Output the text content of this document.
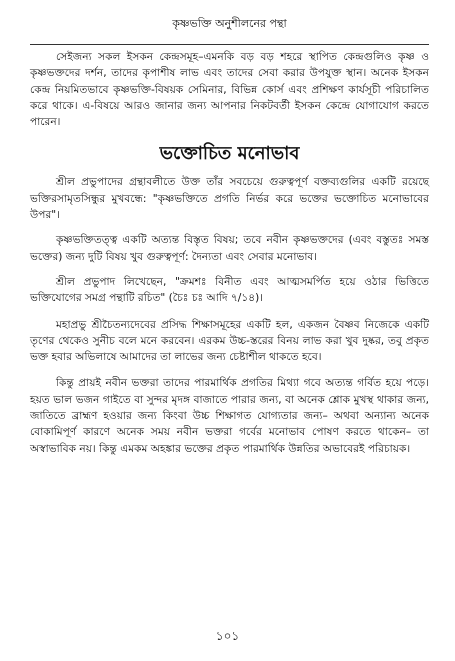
কৃষ্ণভক্তি অনুশীলনের পন্থা

সেইজন্য সকল ইসকন কেন্দ্রসমূহ–এমনকি বড় বড় শহরে স্থাপিত কেন্দ্রগুলিও কৃষ্ণ ও কৃষ্ণভক্তদের দর্শন, তাদের কৃপাশীষ লাভ এবং তাদের সেবা করার উপযুক্ত স্থান। অনেক ইসকন কেন্দ্র নিয়মিতভাবে কৃষ্ণভক্তি-বিষয়ক সেমিনার, বিভিন্ন কোর্স এবং প্রশিক্ষণ কার্যসূচী পরিচালিত করে থাকে। এ-বিষয়ে আরও জানার জন্য আপনার নিকটবর্তী ইসকন কেন্দ্রে যোগাযোগ করতে পারেন।

ভক্তোচিত মনোভাব

শ্রীল প্রভুপাদের গ্রন্থাবলীতে উক্ত তাঁর সবচেয়ে গুরুত্বপূর্ণ বক্তব্যগুলির একটি রয়েছে ভক্তিরসামৃতসিন্ধুর মুখবন্ধে: "কৃষ্ণভক্তিতে প্রগতি নির্ভর করে ভক্তের ভক্তোচিত মনোভাবের উপর"।

কৃষ্ণভক্তিতত্ত্ব একটি অত্যন্ত বিস্তৃত বিষয়; তবে নবীন কৃষ্ণভক্তদের (এবং বস্তুতঃ সমস্ত ভক্তের) জন্য দুটি বিষয় খুব গুরুত্বপূর্ণ: দৈন্যতা এবং সেবার মনোভাব।

শ্রীল প্রভুপাদ লিখেছেন, "ক্রমশঃ বিনীত এবং আত্মসমর্পিত হয়ে ওঠার ভিত্তিতে ভক্তিযোগের সমগ্র পন্থাটি রচিত" (চৈঃ চঃ আদি ৭/১৪)।

মহাপ্রভু শ্রীচৈতন্যদেবের প্রসিদ্ধ শিক্ষাসমূহের একটি হল, একজন বৈষ্ণব নিজেকে একটি তৃণের থেকেও সুনীচ বলে মনে করবেন। এরকম উচ্চ-স্তরের বিনয় লাভ করা খুব দুষ্কর, তবু প্রকৃত ভক্ত হবার অভিলাষে আমাদের তা লাভের জন্য চেষ্টাশীল থাকতে হবে।

কিন্তু প্রায়ই নবীন ভক্তরা তাদের পারমার্থিক প্রগতির মিথ্যা গবে অত্যন্ত গর্বিত হয়ে পড়ে। হয়ত ভাল ভজন গাইতে বা সুন্দর মৃদঙ্গ বাজাতে পারার জন্য, বা অনেক শ্লোক মুখস্থ থাকার জন্য, জাতিতে ব্রাহ্মণ হওয়ার জন্য কিংবা উচ্চ শিক্ষাগত যোগ্যতার জন্য– অথবা অন্যান্য অনেক বোকামিপূর্ণ কারণে অনেক সময় নবীন ভক্তরা গর্বের মনোভাব পোষণ করতে থাকেন– তা অস্বাভাবিক নয়। কিন্তু এমকম অহঙ্কার ভক্তের প্রকৃত পারমার্থিক উন্নতির অভাবেরই পরিচায়ক।

১০১
